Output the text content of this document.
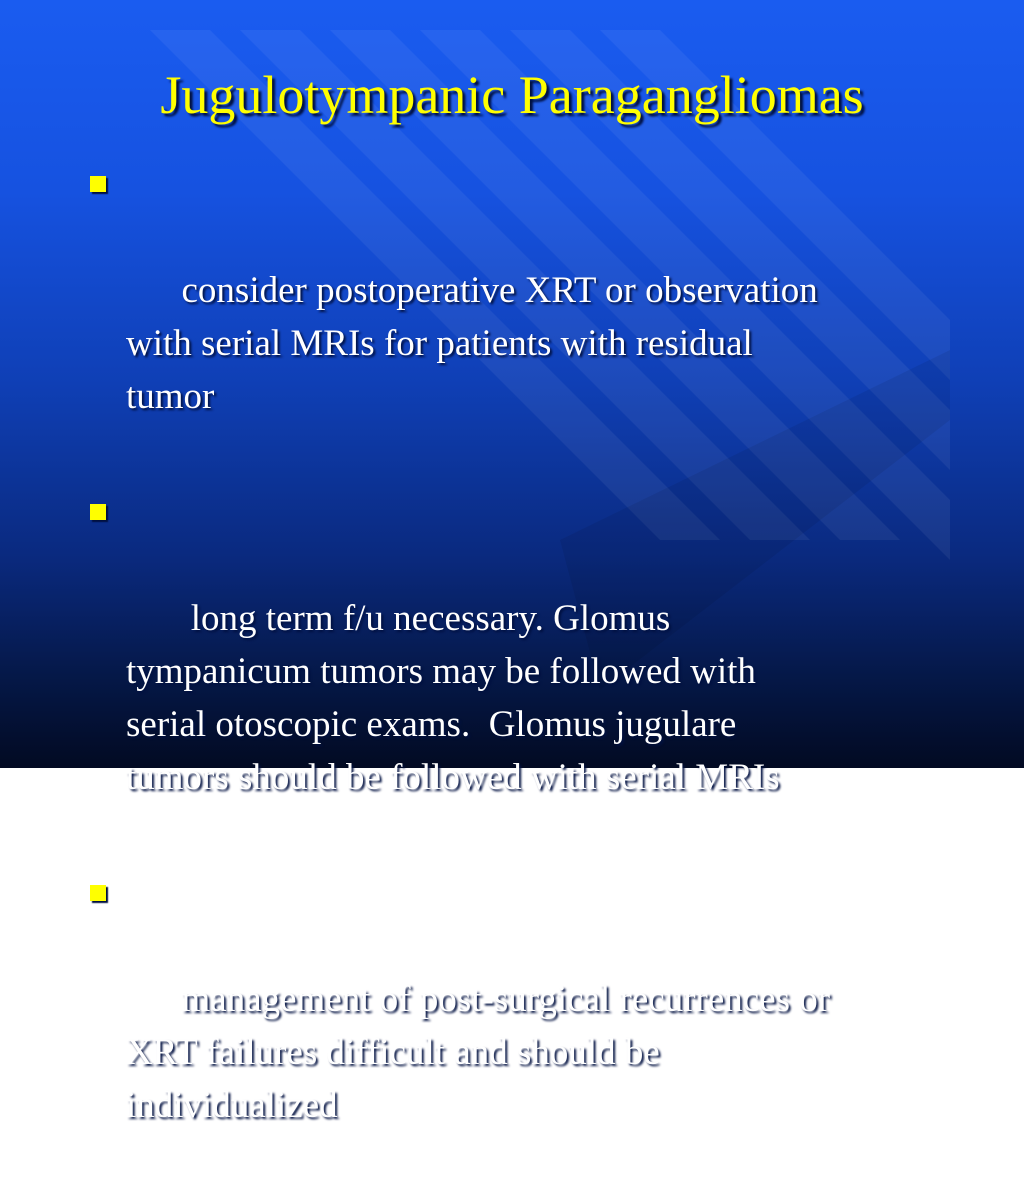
Jugulotympanic Paragangliomas

consider postoperative XRT or observation
with serial MRIs for patients with residual
tumor

long term f/u necessary. Glomus
tympanicum tumors may be followed with
serial otoscopic exams.  Glomus jugulare
tumors should be followed with serial MRIs

management of post-surgical recurrences or
XRT failures difficult and should be
individualized
